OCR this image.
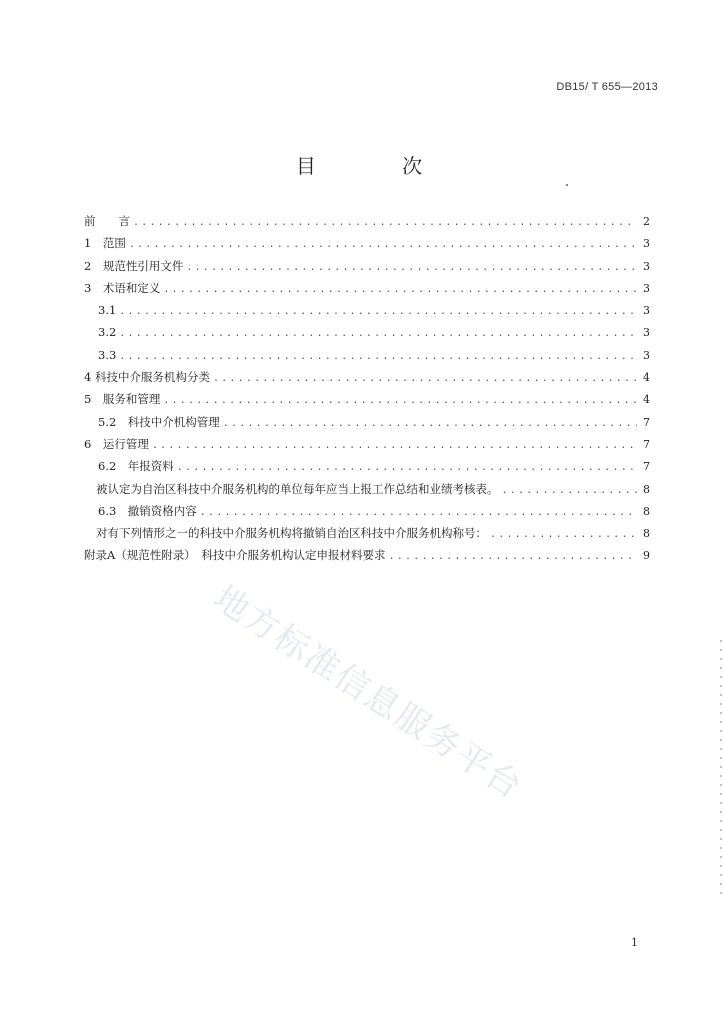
DB15/ T 655—2013
目 次
前　　言 .....	2
1　范围 .....	3
2　规范性引用文件 .....	3
3　术语和定义 .....	3
3.1 .....	3
3.2 .....	3
3.3 .....	3
4 科技中介服务机构分类 .....	4
5　服务和管理 .....	4
5.2　科技中介机构管理 .....	7
6　运行管理 .....	7
6.2　年报资料 .....	7
被认定为自治区科技中介服务机构的单位每年应当上报工作总结和业绩考核表。 .....	8
6.3　撤销资格内容 .....	8
对有下列情形之一的科技中介服务机构将撤销自治区科技中介服务机构称号： .....	8
附录A（规范性附录）　科技中介服务机构认定申报材料要求 .....	9
地方标准信息服务平台
1
